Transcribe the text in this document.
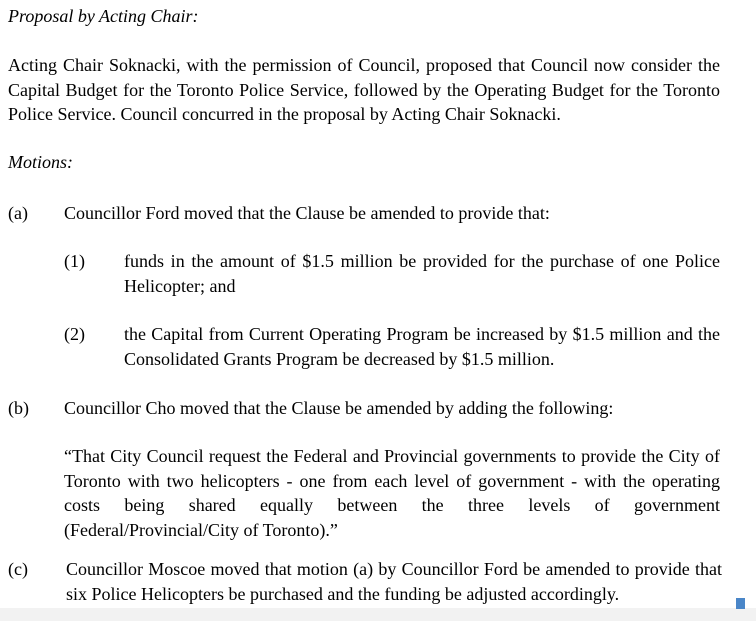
Proposal by Acting Chair:
Acting Chair Soknacki, with the permission of Council, proposed that Council now consider the Capital Budget for the Toronto Police Service, followed by the Operating Budget for the Toronto Police Service. Council concurred in the proposal by Acting Chair Soknacki.
Motions:
(a) Councillor Ford moved that the Clause be amended to provide that:
(1) funds in the amount of $1.5 million be provided for the purchase of one Police Helicopter; and
(2) the Capital from Current Operating Program be increased by $1.5 million and the Consolidated Grants Program be decreased by $1.5 million.
(b) Councillor Cho moved that the Clause be amended by adding the following:
“That City Council request the Federal and Provincial governments to provide the City of Toronto with two helicopters - one from each level of government - with the operating costs being shared equally between the three levels of government (Federal/Provincial/City of Toronto).”
(c) Councillor Moscoe moved that motion (a) by Councillor Ford be amended to provide that six Police Helicopters be purchased and the funding be adjusted accordingly.
